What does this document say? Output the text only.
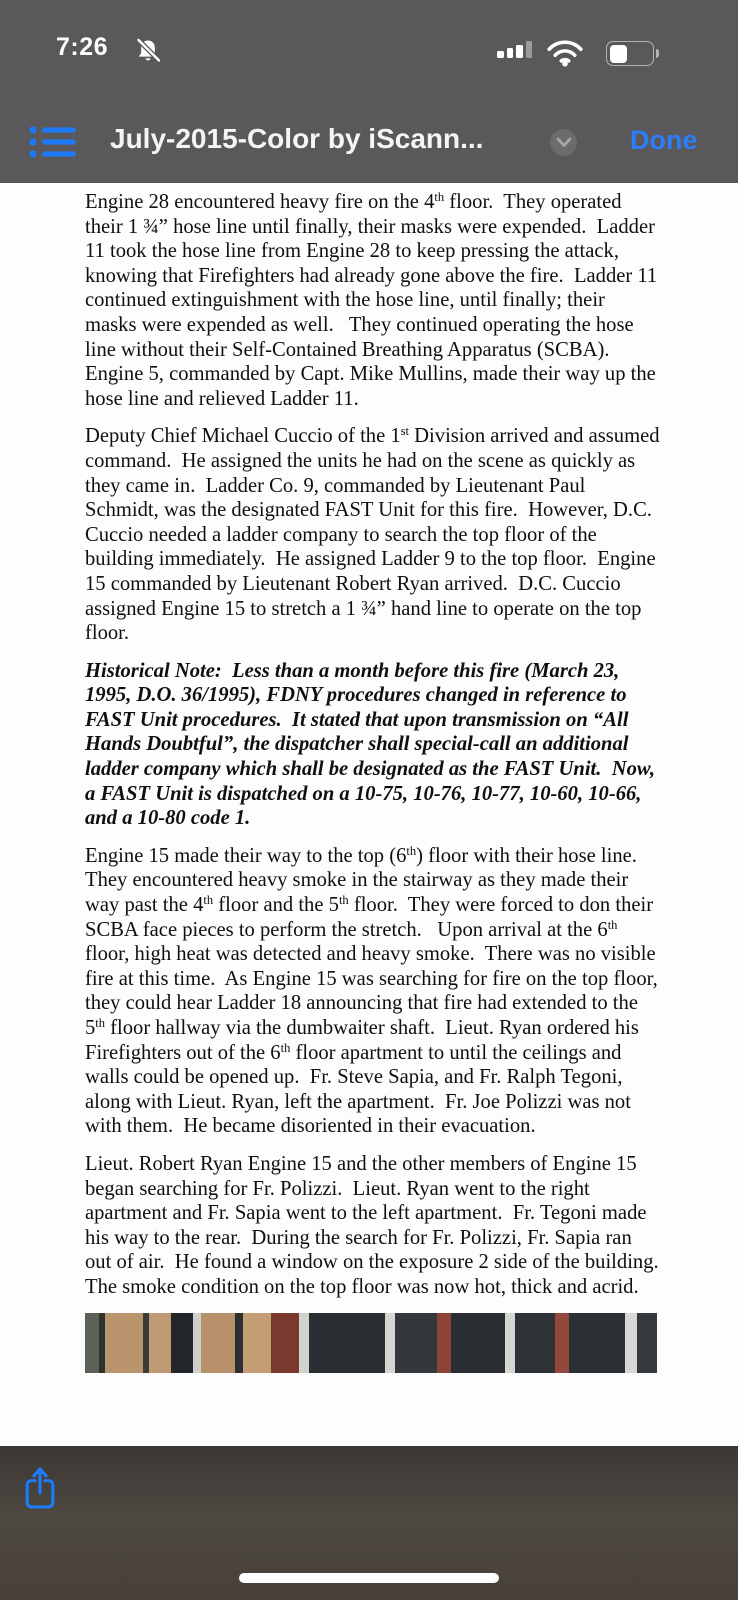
7:26
July-2015-Color by iScann...	Done

Engine 28 encountered heavy fire on the 4th floor.  They operated their 1 ¾” hose line until finally, their masks were expended.  Ladder 11 took the hose line from Engine 28 to keep pressing the attack, knowing that Firefighters had already gone above the fire.  Ladder 11 continued extinguishment with the hose line, until finally; their masks were expended as well.   They continued operating the hose line without their Self-Contained Breathing Apparatus (SCBA).  Engine 5, commanded by Capt. Mike Mullins, made their way up the hose line and relieved Ladder 11.

Deputy Chief Michael Cuccio of the 1st Division arrived and assumed command.  He assigned the units he had on the scene as quickly as they came in.  Ladder Co. 9, commanded by Lieutenant Paul Schmidt, was the designated FAST Unit for this fire.  However, D.C. Cuccio needed a ladder company to search the top floor of the building immediately.  He assigned Ladder 9 to the top floor.  Engine 15 commanded by Lieutenant Robert Ryan arrived.  D.C. Cuccio assigned Engine 15 to stretch a 1 ¾” hand line to operate on the top floor.

Historical Note:  Less than a month before this fire (March 23, 1995, D.O. 36/1995), FDNY procedures changed in reference to FAST Unit procedures.  It stated that upon transmission on “All Hands Doubtful”, the dispatcher shall special-call an additional ladder company which shall be designated as the FAST Unit.  Now, a FAST Unit is dispatched on a 10-75, 10-76, 10-77, 10-60, 10-66, and a 10-80 code 1.

Engine 15 made their way to the top (6th) floor with their hose line.  They encountered heavy smoke in the stairway as they made their way past the 4th floor and the 5th floor.  They were forced to don their SCBA face pieces to perform the stretch.   Upon arrival at the 6th floor, high heat was detected and heavy smoke.  There was no visible fire at this time.  As Engine 15 was searching for fire on the top floor, they could hear Ladder 18 announcing that fire had extended to the 5th floor hallway via the dumbwaiter shaft.  Lieut. Ryan ordered his Firefighters out of the 6th floor apartment to until the ceilings and walls could be opened up.  Fr. Steve Sapia, and Fr. Ralph Tegoni, along with Lieut. Ryan, left the apartment.  Fr. Joe Polizzi was not with them.  He became disoriented in their evacuation.

Lieut. Robert Ryan Engine 15 and the other members of Engine 15 began searching for Fr. Polizzi.  Lieut. Ryan went to the right apartment and Fr. Sapia went to the left apartment.  Fr. Tegoni made his way to the rear.  During the search for Fr. Polizzi, Fr. Sapia ran out of air.  He found a window on the exposure 2 side of the building.  The smoke condition on the top floor was now hot, thick and acrid.
